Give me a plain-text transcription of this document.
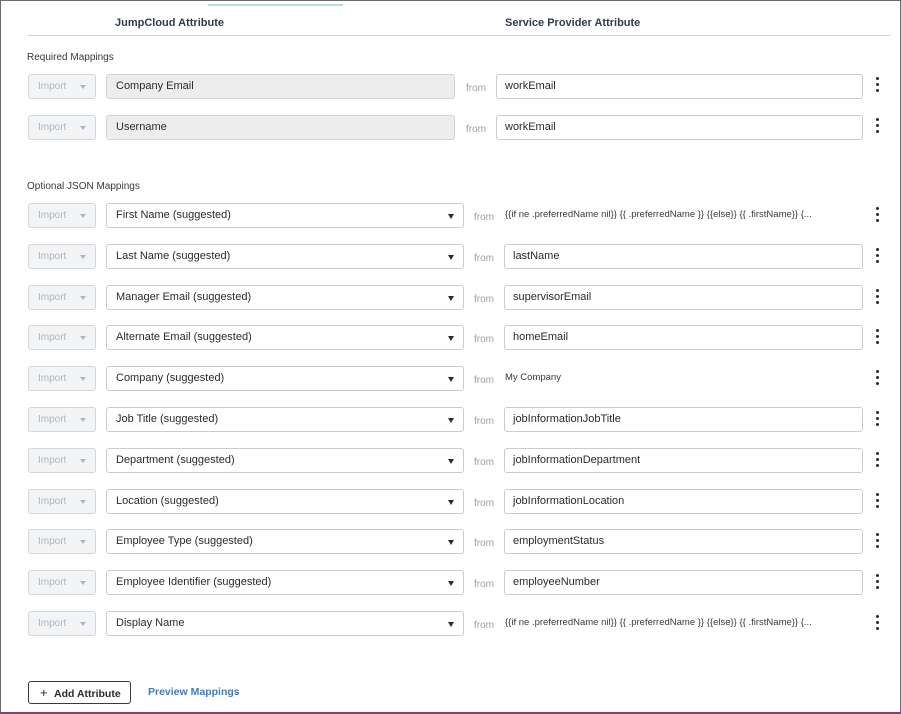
JumpCloud Attribute	Service Provider Attribute
Required Mappings
Optional JSON Mappings
Import	Company Email	from	workEmail
Import	Username	from	workEmail
Import	First Name (suggested)	from {{if ne .preferredName nil}} {{ .preferredName }} {{else}} {{ .firstName}} {...
Import	Last Name (suggested)	from	lastName
Import	Manager Email (suggested)	from	supervisorEmail
Import	Alternate Email (suggested)	from	homeEmail
Import	Company (suggested)	from My Company
Import	Job Title (suggested)	from	jobInformationJobTitle
Import	Department (suggested)	from	jobInformationDepartment
Import	Location (suggested)	from	jobInformationLocation
Import	Employee Type (suggested)	from	employmentStatus
Import	Employee Identifier (suggested)	from	employeeNumber
Import	Display Name	from {{if ne .preferredName nil}} {{ .preferredName }} {{else}} {{ .firstName}} {...
+ Add Attribute	Preview Mappings
